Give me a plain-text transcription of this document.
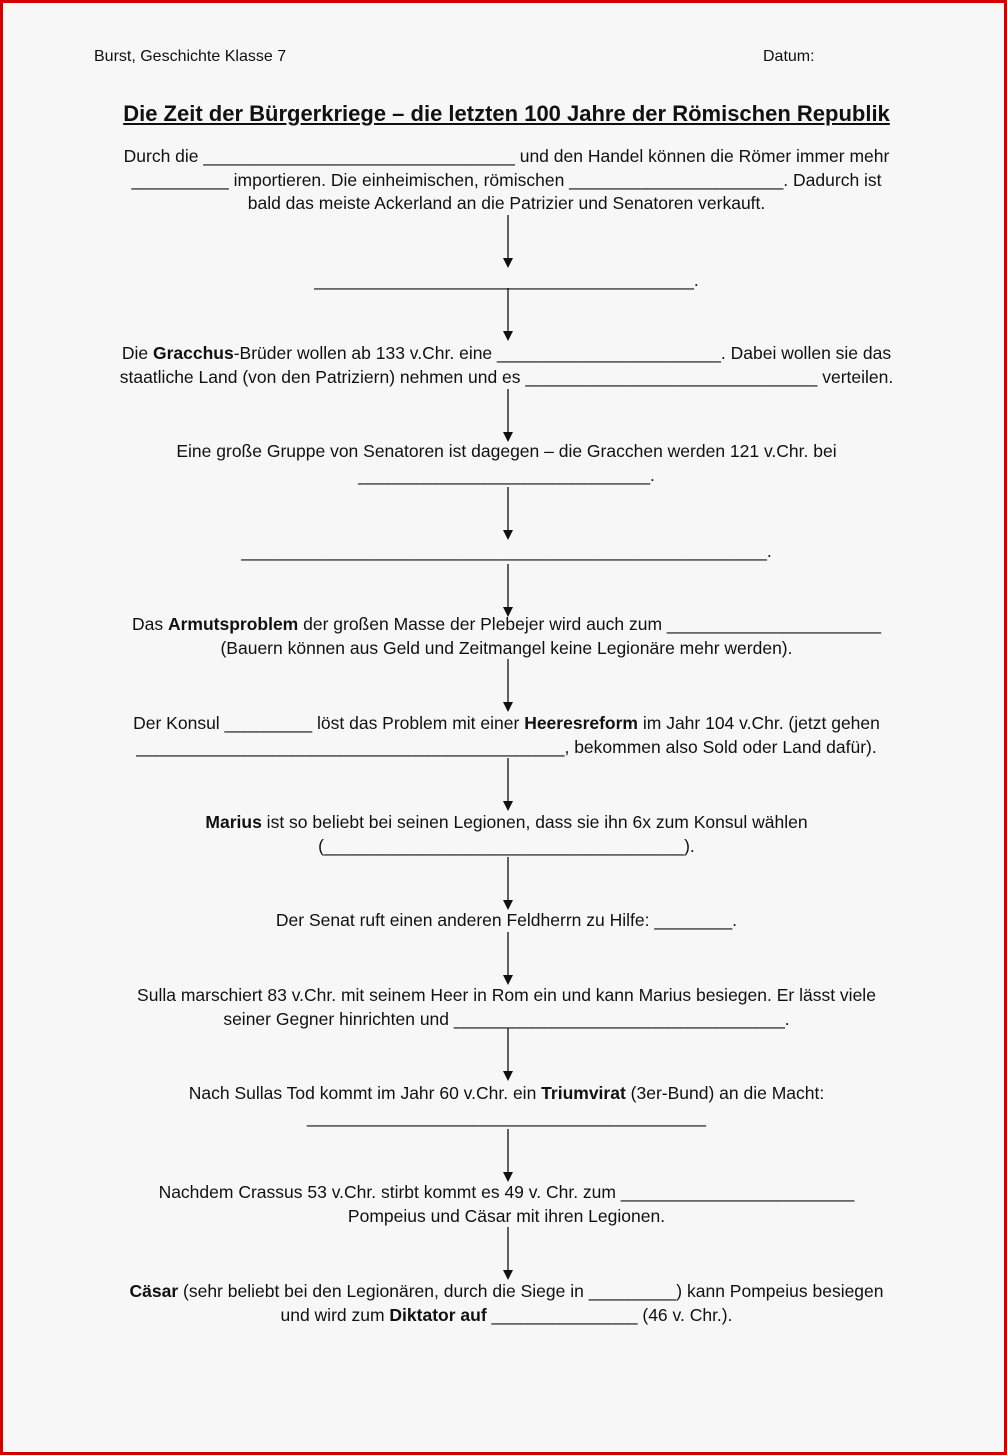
Burst, Geschichte Klasse 7	Datum:
Die Zeit der Bürgerkriege – die letzten 100 Jahre der Römischen Republik
Durch die ________________________________ und den Handel können die Römer immer mehr
__________ importieren. Die einheimischen, römischen ______________________. Dadurch ist
bald das meiste Ackerland an die Patrizier und Senatoren verkauft.
_______________________________________.
Die Gracchus-Brüder wollen ab 133 v.Chr. eine _______________________. Dabei wollen sie das
staatliche Land (von den Patriziern) nehmen und es ______________________________ verteilen.
Eine große Gruppe von Senatoren ist dagegen – die Gracchen werden 121 v.Chr. bei
______________________________.
______________________________________________________.
Das Armutsproblem der großen Masse der Plebejer wird auch zum ______________________
(Bauern können aus Geld und Zeitmangel keine Legionäre mehr werden).
Der Konsul _________ löst das Problem mit einer Heeresreform im Jahr 104 v.Chr. (jetzt gehen
____________________________________________, bekommen also Sold oder Land dafür).
Marius ist so beliebt bei seinen Legionen, dass sie ihn 6x zum Konsul wählen
(_____________________________________).
Der Senat ruft einen anderen Feldherrn zu Hilfe: ________.
Sulla marschiert 83 v.Chr. mit seinem Heer in Rom ein und kann Marius besiegen. Er lässt viele
seiner Gegner hinrichten und __________________________________.
Nach Sullas Tod kommt im Jahr 60 v.Chr. ein Triumvirat (3er-Bund) an die Macht:
_________________________________________
Nachdem Crassus 53 v.Chr. stirbt kommt es 49 v. Chr. zum ________________________
Pompeius und Cäsar mit ihren Legionen.
Cäsar (sehr beliebt bei den Legionären, durch die Siege in _________) kann Pompeius besiegen
und wird zum Diktator auf _______________ (46 v. Chr.).
